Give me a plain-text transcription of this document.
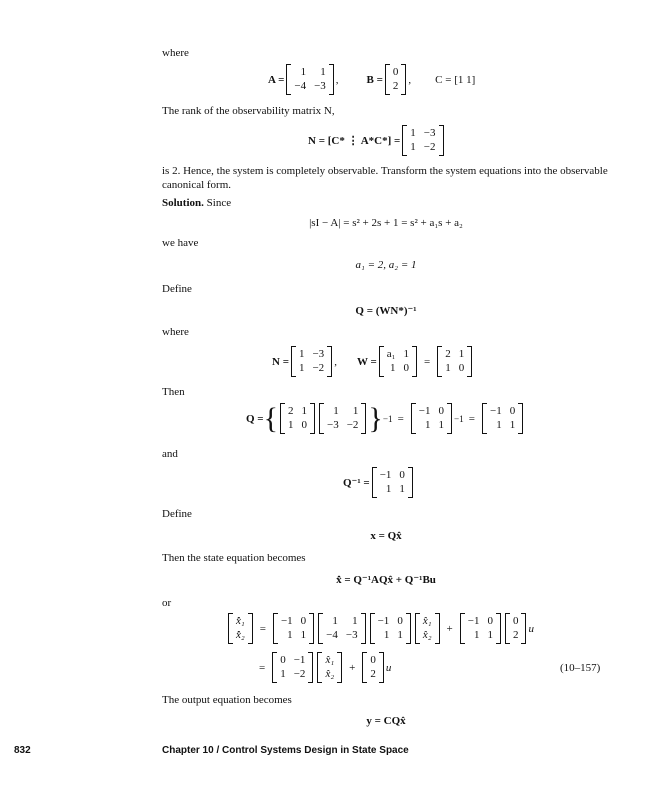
where
A =
1	1
−4 −3
,	B =
0
2
, C = [1 1]
The rank of the observability matrix N,
N = [C* ⋮ A*C*] =
1 −3
1 −2
is 2. Hence, the system is completely observable. Transform the system equations into the observable canonical form.
Solution. Since
|sI − A| = s² + 2s + 1 = s² + a₁s + a₂
we have
a₁ = 2, a₂ = 1
Define
Q = (WN*)⁻¹
where
N =
1 −3
1 −2
, W =
a₁ 1
1 0
=
2 1
1 0
Then
Q = { 2 1
1 0
1	1
−3 −2 } −1 =
−1 0
1 1
−1 =
−1 0
1 1
and
Q⁻¹ =
−1 0
1 1
Define
x = Qx̂
Then the state equation becomes
x̂̇ = Q⁻¹AQx̂ + Q⁻¹Bu
or
x̂̇₁
x̂̇₂
=
−1 0
1 1
1	1
−4 −3
−1 0
1 1
x̂₁
x̂₂
+
−1 0
1 1
0
2
u
=
0 −1
1 −2
x̂₁
x̂₂
+
0
2
u	(10–157)
The output equation becomes
y = CQx̂
832	Chapter 10 / Control Systems Design in State Space
